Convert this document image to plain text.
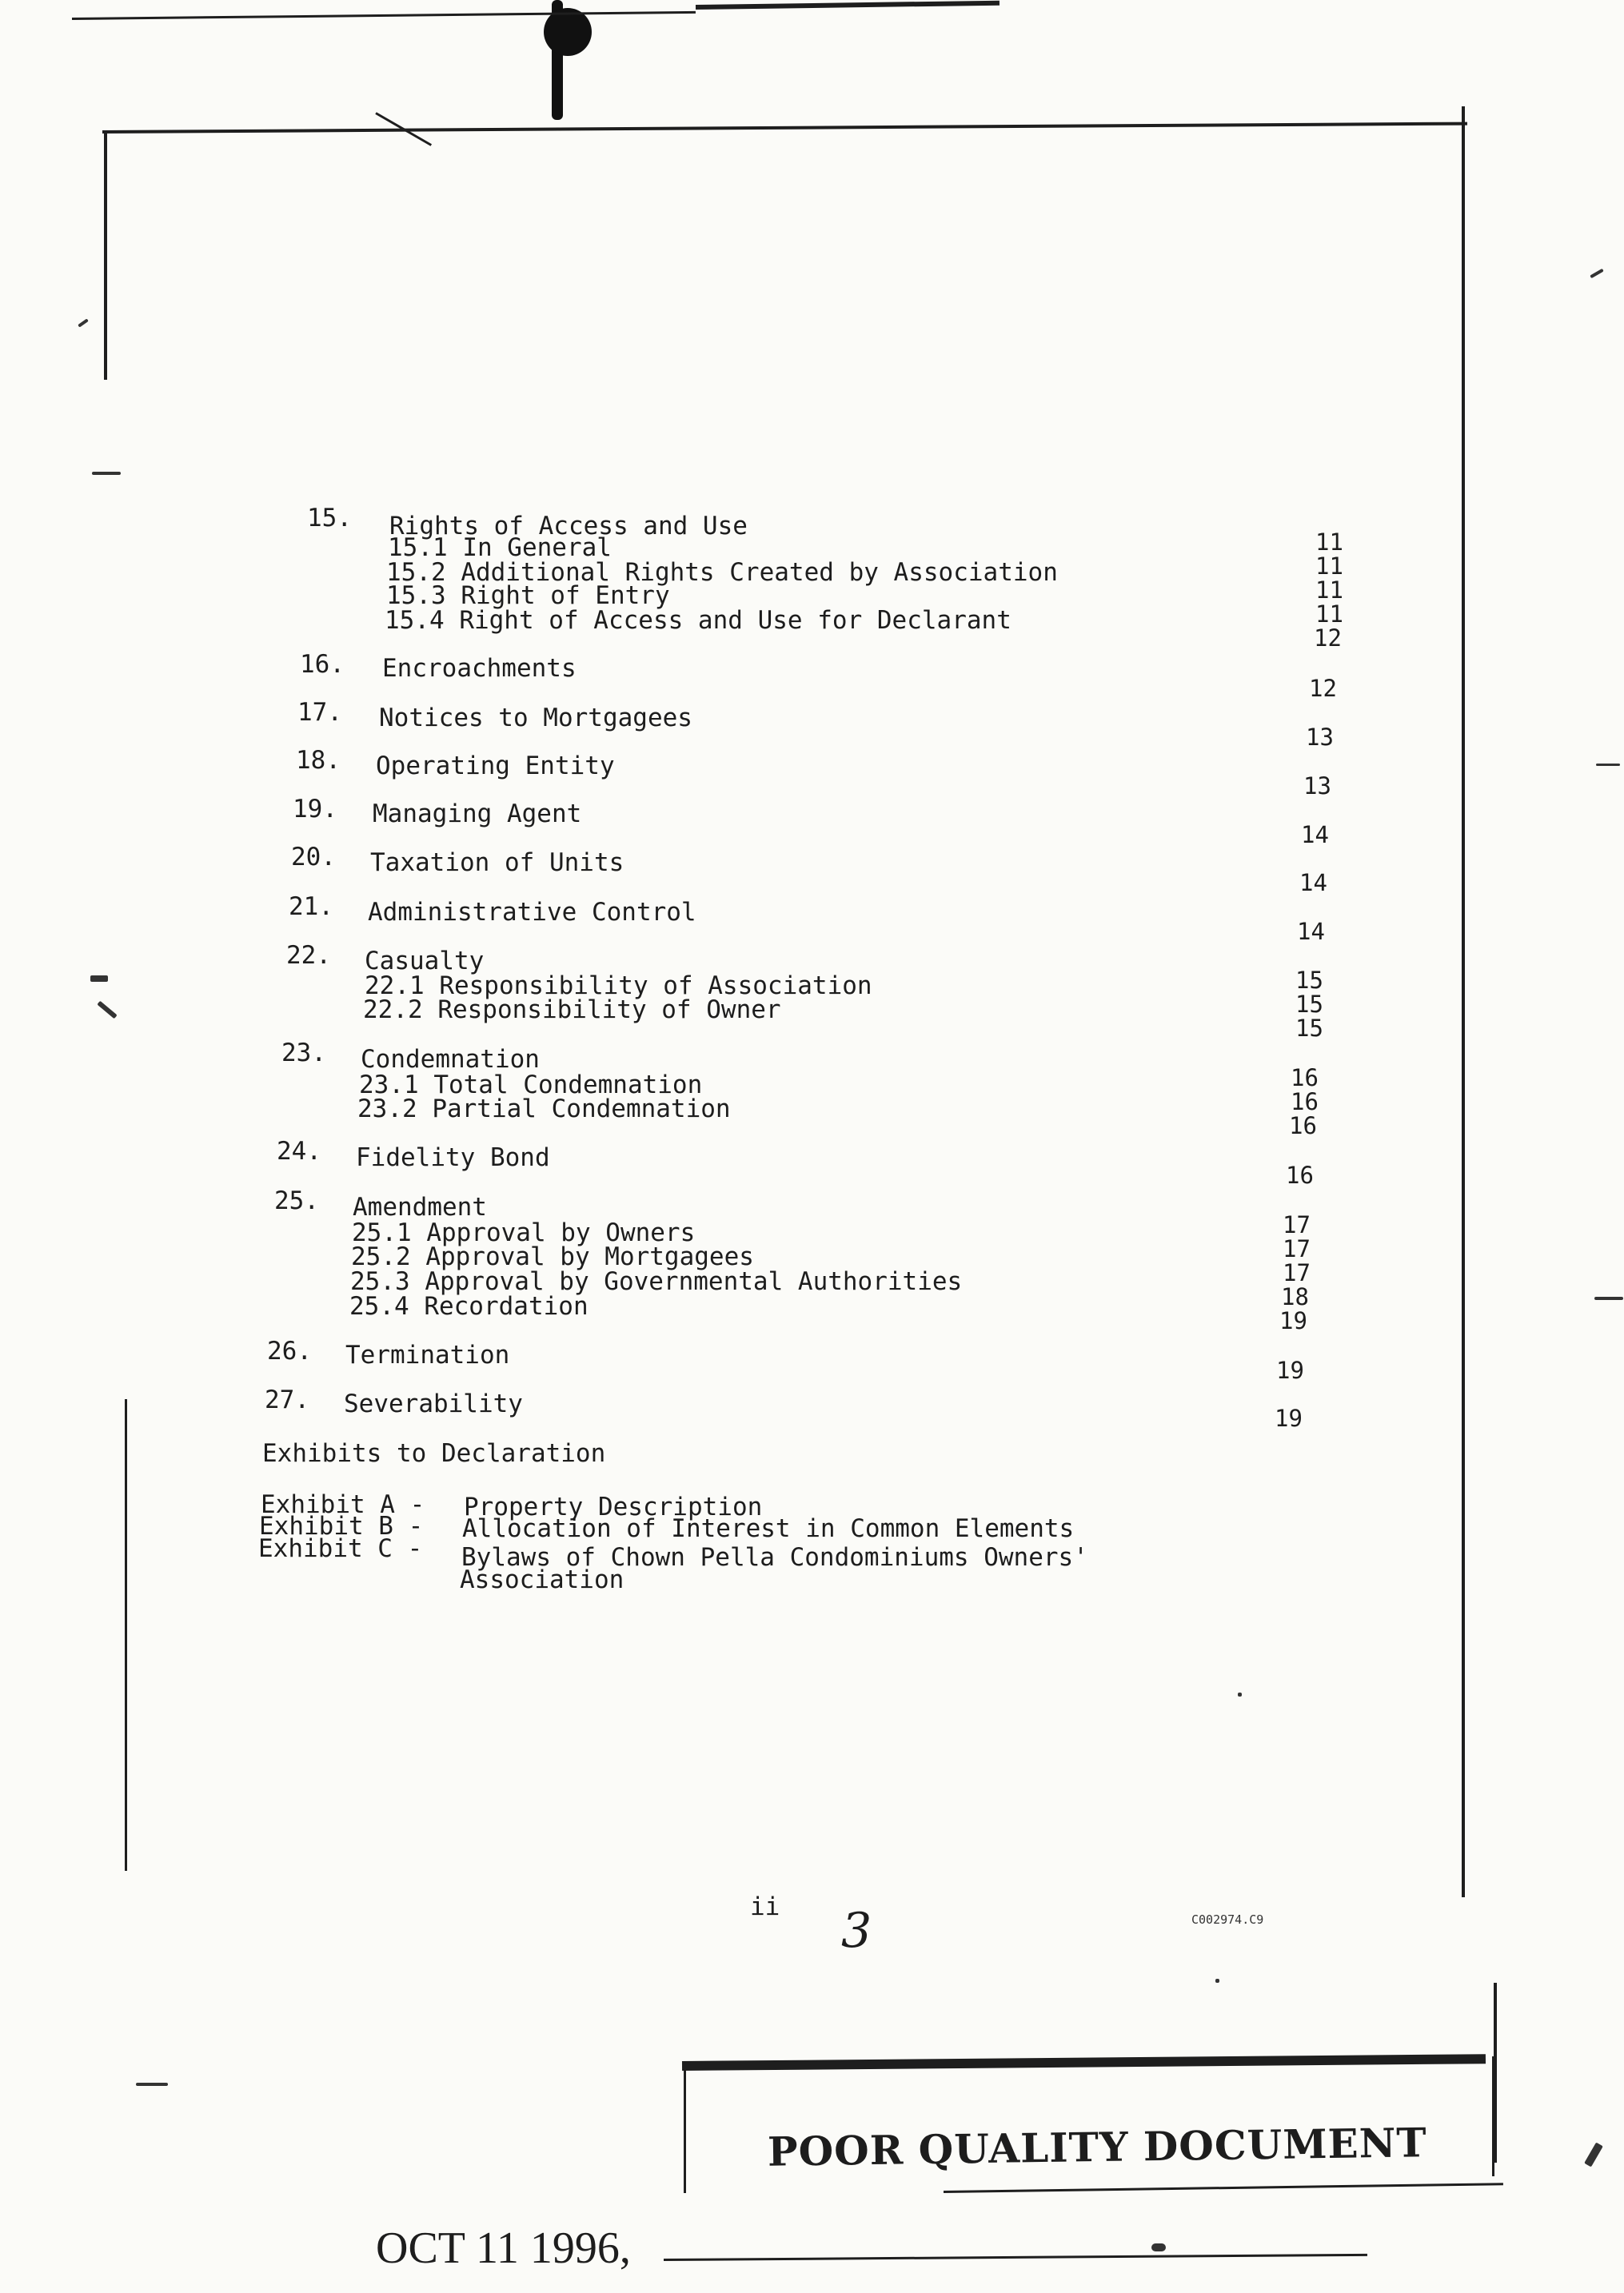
15. Rights of Access and Use
15.1 In General
15.2 Additional Rights Created by Association
15.3 Right of Entry
15.4 Right of Access and Use for Declarant
11
11
11
11
12
16. Encroachments
12
17. Notices to Mortgagees
13
18. Operating Entity
13
19. Managing Agent
14
20. Taxation of Units
14
21. Administrative Control
14
22. Casualty
22.1 Responsibility of Association
22.2 Responsibility of Owner
15
15
15
23. Condemnation
23.1 Total Condemnation
23.2 Partial Condemnation
16
16
16
24. Fidelity Bond
16
25. Amendment
25.1 Approval by Owners
25.2 Approval by Mortgagees
25.3 Approval by Governmental Authorities
25.4 Recordation
17
17
17
18
19
26. Termination
19
27. Severability	19
Exhibits to Declaration
Exhibit A - Property Description
Exhibit B - Allocation of Interest in Common Elements
Exhibit C - Bylaws of Chown Pella Condominiums Owners'
Association
ii 3	C002974.C9
POOR QUALITY DOCUMENT
OCT 11 1996,
